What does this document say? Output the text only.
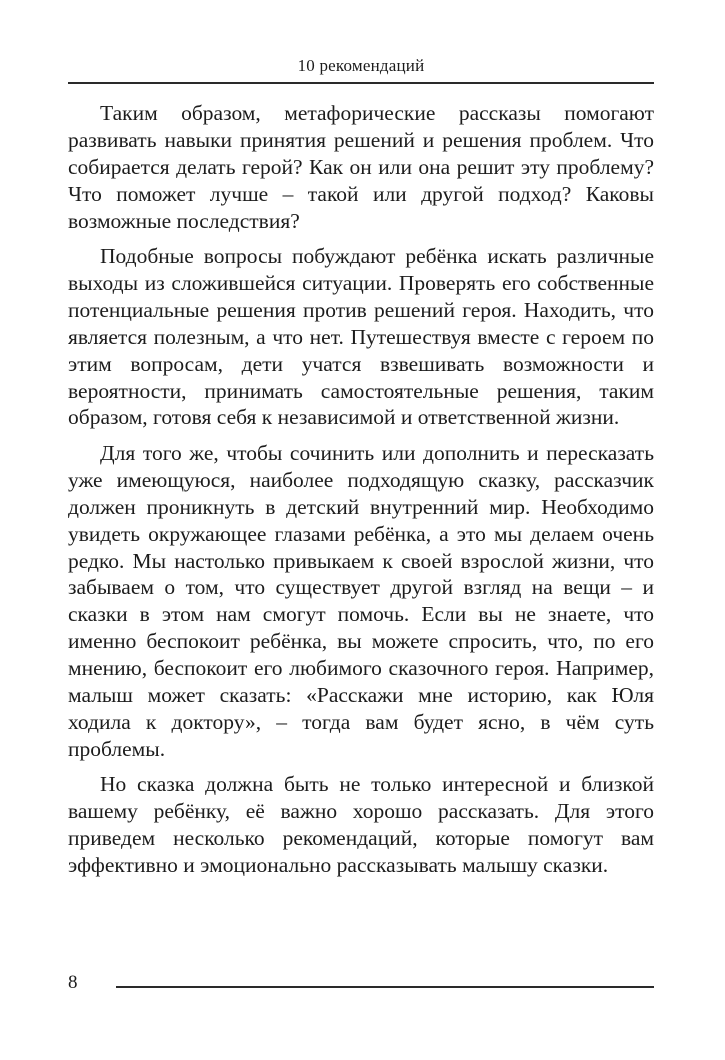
10 рекомендаций

Таким образом, метафорические рассказы помогают развивать навыки принятия решений и решения проблем. Что собирается делать герой? Как он или она решит эту проблему? Что поможет лучше – такой или другой подход? Каковы возможные последствия?

Подобные вопросы побуждают ребёнка искать различные выходы из сложившейся ситуации. Проверять его собственные потенциальные решения против решений героя. Находить, что является полезным, а что нет. Путешествуя вместе с героем по этим вопросам, дети учатся взвешивать возможности и вероятности, принимать самостоятельные решения, таким образом, готовя себя к независимой и ответственной жизни.

Для того же, чтобы сочинить или дополнить и пересказать уже имеющуюся, наиболее подходящую сказку, рассказчик должен проникнуть в детский внутренний мир. Необходимо увидеть окружающее глазами ребёнка, а это мы делаем очень редко. Мы настолько привыкаем к своей взрослой жизни, что забываем о том, что существует другой взгляд на вещи – и сказки в этом нам смогут помочь. Если вы не знаете, что именно беспокоит ребёнка, вы можете спросить, что, по его мнению, беспокоит его любимого сказочного героя. Например, малыш может сказать: «Расскажи мне историю, как Юля ходила к доктору», – тогда вам будет ясно, в чём суть проблемы.

Но сказка должна быть не только интересной и близкой вашему ребёнку, её важно хорошо рассказать. Для этого приведем несколько рекомендаций, которые помогут вам эффективно и эмоционально рассказывать малышу сказки.

8
